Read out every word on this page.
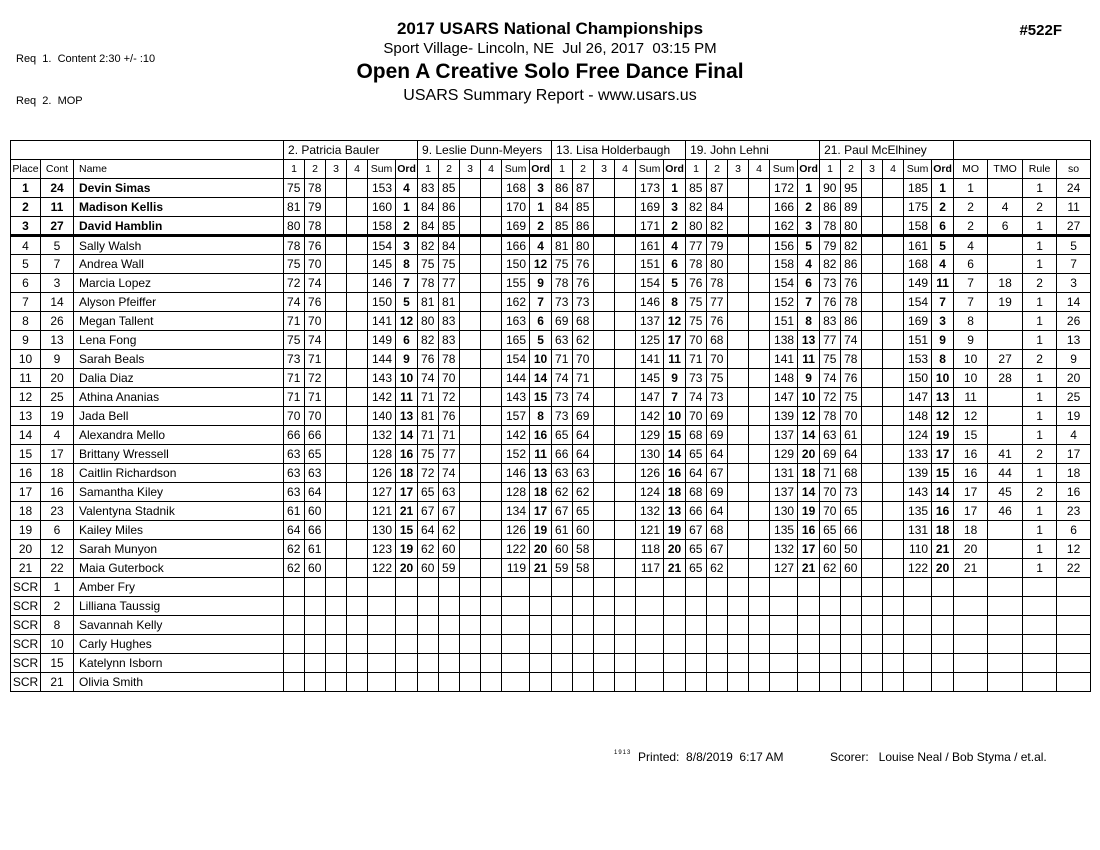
Req  1.  Content 2:30 +/- :10

Req  2.  MOP

2017 USARS National Championships
Sport Village- Lincoln, NE  Jul 26, 2017  03:15 PM
Open A Creative Solo Free Dance Final
USARS Summary Report - www.usars.us
#522F
			2. Patricia Bauler						9. Leslie Dunn-Meyers						13. Lisa Holderbaugh						19. John Lehni						21. Paul McElhiney									
Place	Cont	Name	1	2	3	4	Sum	Ord	1	2	3	4	Sum	Ord	1	2	3	4	Sum	Ord	1	2	3	4	Sum	Ord	1	2	3	4	Sum	Ord	MO	TMO	Rule	so
1	24	Devin Simas	75	78			153	4	83	85			168	3	86	87			173	1	85	87			172	1	90	95			185	1	1		1	24
2	11	Madison Kellis	81	79			160	1	84	86			170	1	84	85			169	3	82	84			166	2	86	89			175	2	2	4	2	11
3	27	David Hamblin	80	78			158	2	84	85			169	2	85	86			171	2	80	82			162	3	78	80			158	6	2	6	1	27
4	5	Sally Walsh	78	76			154	3	82	84			166	4	81	80			161	4	77	79			156	5	79	82			161	5	4		1	5
5	7	Andrea Wall	75	70			145	8	75	75			150	12	75	76			151	6	78	80			158	4	82	86			168	4	6		1	7
6	3	Marcia Lopez	72	74			146	7	78	77			155	9	78	76			154	5	76	78			154	6	73	76			149	11	7	18	2	3
7	14	Alyson Pfeiffer	74	76			150	5	81	81			162	7	73	73			146	8	75	77			152	7	76	78			154	7	7	19	1	14
8	26	Megan Tallent	71	70			141	12	80	83			163	6	69	68			137	12	75	76			151	8	83	86			169	3	8		1	26
9	13	Lena Fong	75	74			149	6	82	83			165	5	63	62			125	17	70	68			138	13	77	74			151	9	9		1	13
10	9	Sarah Beals	73	71			144	9	76	78			154	10	71	70			141	11	71	70			141	11	75	78			153	8	10	27	2	9
11	20	Dalia Diaz	71	72			143	10	74	70			144	14	74	71			145	9	73	75			148	9	74	76			150	10	10	28	1	20
12	25	Athina Ananias	71	71			142	11	71	72			143	15	73	74			147	7	74	73			147	10	72	75			147	13	11		1	25
13	19	Jada Bell	70	70			140	13	81	76			157	8	73	69			142	10	70	69			139	12	78	70			148	12	12		1	19
14	4	Alexandra Mello	66	66			132	14	71	71			142	16	65	64			129	15	68	69			137	14	63	61			124	19	15		1	4
15	17	Brittany Wressell	63	65			128	16	75	77			152	11	66	64			130	14	65	64			129	20	69	64			133	17	16	41	2	17
16	18	Caitlin Richardson	63	63			126	18	72	74			146	13	63	63			126	16	64	67			131	18	71	68			139	15	16	44	1	18
17	16	Samantha Kiley	63	64			127	17	65	63			128	18	62	62			124	18	68	69			137	14	70	73			143	14	17	45	2	16
18	23	Valentyna Stadnik	61	60			121	21	67	67			134	17	67	65			132	13	66	64			130	19	70	65			135	16	17	46	1	23
19	6	Kailey Miles	64	66			130	15	64	62			126	19	61	60			121	19	67	68			135	16	65	66			131	18	18		1	6
20	12	Sarah Munyon	62	61			123	19	62	60			122	20	60	58			118	20	65	67			132	17	60	50			110	21	20		1	12
21	22	Maia Guterbock	62	60			122	20	60	59			119	21	59	58			117	21	65	62			127	21	62	60			122	20	21		1	22
SCR	1	Amber Fry																																		
SCR	2	Lilliana Taussig																																		
SCR	8	Savannah Kelly																																		
SCR	10	Carly Hughes																																		
SCR	15	Katelynn Isborn																																		
SCR	21	Olivia Smith																																		
$^{1913}$ Printed:  8/8/2019  6:17 AM	Scorer:   Louise Neal / Bob Styma / et.al.
